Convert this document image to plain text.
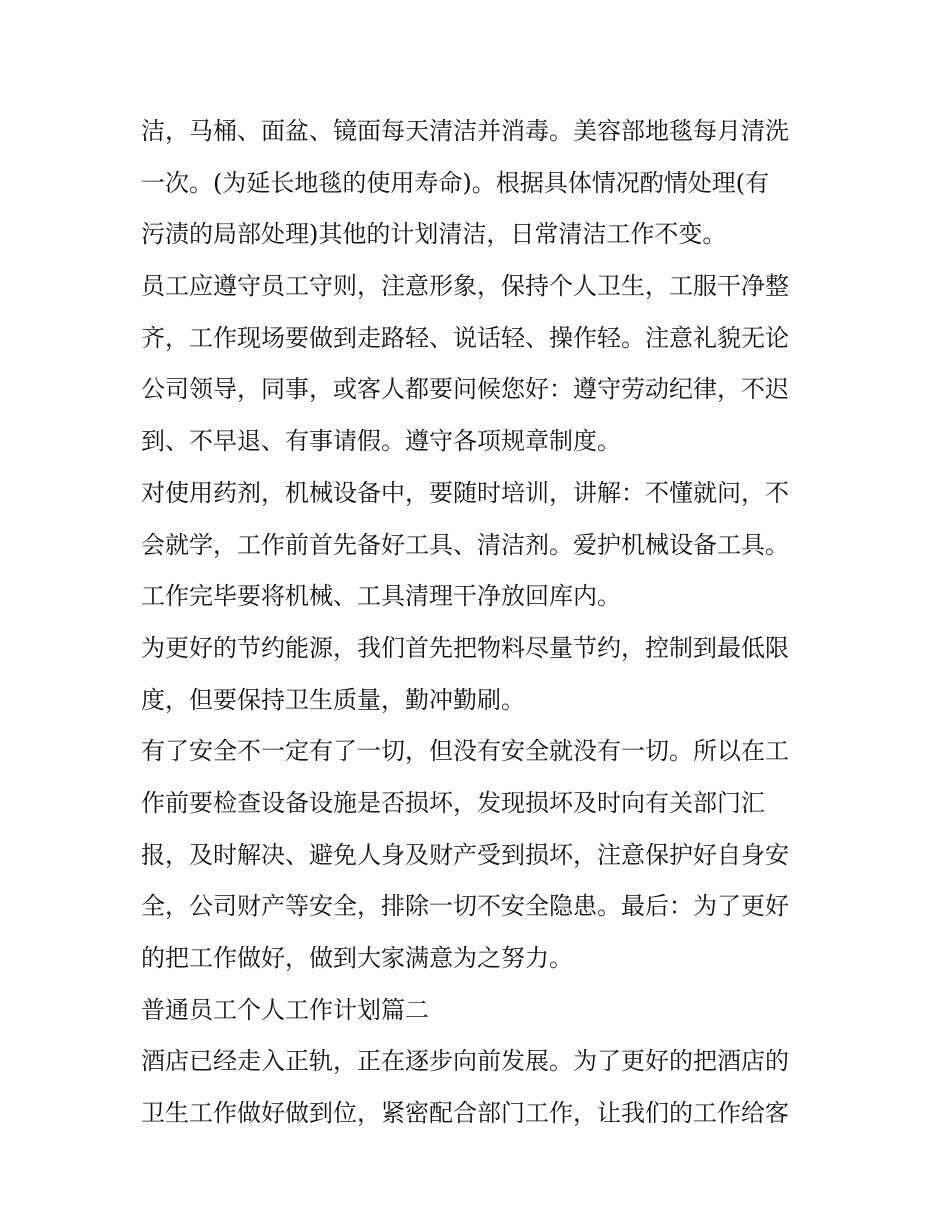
洁，马桶、面盆、镜面每天清洁并消毒。美容部地毯每月清洗
一次。(为延长地毯的使用寿命)。根据具体情况酌情处理(有
污渍的局部处理)其他的计划清洁，日常清洁工作不变。
员工应遵守员工守则，注意形象，保持个人卫生，工服干净整
齐，工作现场要做到走路轻、说话轻、操作轻。注意礼貌无论
公司领导，同事，或客人都要问候您好：遵守劳动纪律，不迟
到、不早退、有事请假。遵守各项规章制度。
对使用药剂，机械设备中，要随时培训，讲解：不懂就问，不
会就学，工作前首先备好工具、清洁剂。爱护机械设备工具。
工作完毕要将机械、工具清理干净放回库内。
为更好的节约能源，我们首先把物料尽量节约，控制到最低限
度，但要保持卫生质量，勤冲勤刷。
有了安全不一定有了一切，但没有安全就没有一切。所以在工
作前要检查设备设施是否损坏，发现损坏及时向有关部门汇
报，及时解决、避免人身及财产受到损坏，注意保护好自身安
全，公司财产等安全，排除一切不安全隐患。最后：为了更好
的把工作做好，做到大家满意为之努力。
普通员工个人工作计划篇二
酒店已经走入正轨，正在逐步向前发展。为了更好的把酒店的
卫生工作做好做到位，紧密配合部门工作，让我们的工作给客
